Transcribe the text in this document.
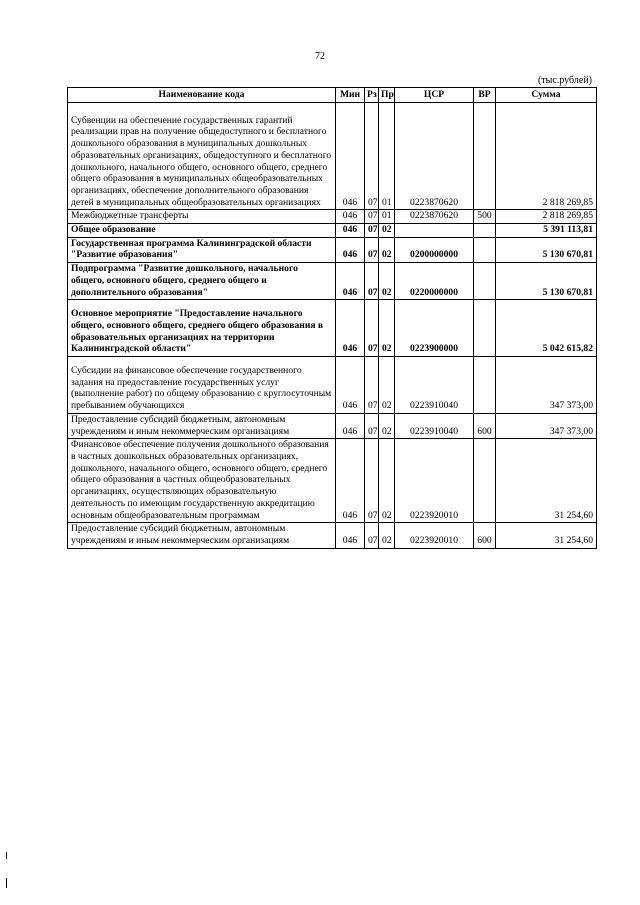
72
(тыс.рублей)
Наименование кода	Мин	Рз	Пр	ЦСР	ВР	Сумма
Субвенции на обеспечение государственных гарантий реализации прав на получение общедоступного и бесплатного дошкольного образования в муниципальных дошкольных образовательных организациях, общедоступного и бесплатного дошкольного, начального общего, основного общего, среднего общего образования в муниципальных общеобразовательных организациях, обеспечение дополнительного образования детей в муниципальных общеобразовательных организациях	046	07	01	0223870620		2 818 269,85
Межбюджетные трансферты	046	07	01	0223870620	500	2 818 269,85
Общее образование	046	07	02			5 391 113,81
Государственная программа Калининградской области "Развитие образования"	046	07	02	0200000000		5 130 670,81
Подпрограмма "Развитие дошкольного, начального общего, основного общего, среднего общего и дополнительного образования"	046	07	02	0220000000		5 130 670,81
Основное мероприятие "Предоставление начального общего, основного общего, среднего общего образования в образовательных организациях на территории Калининградской области"	046	07	02	0223900000		5 042 615,82
Субсидии на финансовое обеспечение государственного задания на предоставление государственных услуг (выполнение работ) по общему образованию с круглосуточным пребыванием обучающихся	046	07	02	0223910040		347 373,00
Предоставление субсидий бюджетным, автономным учреждениям и иным некоммерческим организациям	046	07	02	0223910040	600	347 373,00
Финансовое обеспечение получения дошкольного образования в частных дошкольных образовательных организациях, дошкольного, начального общего, основного общего, среднего общего образования в частных общеобразовательных организациях, осуществляющих образовательную деятельность по имеющим государственную аккредитацию основным общеобразовательным программам	046	07	02	0223920010		31 254,60
Предоставление субсидий бюджетным, автономным учреждениям и иным некоммерческим организациям	046	07	02	0223920010	600	31 254,60
